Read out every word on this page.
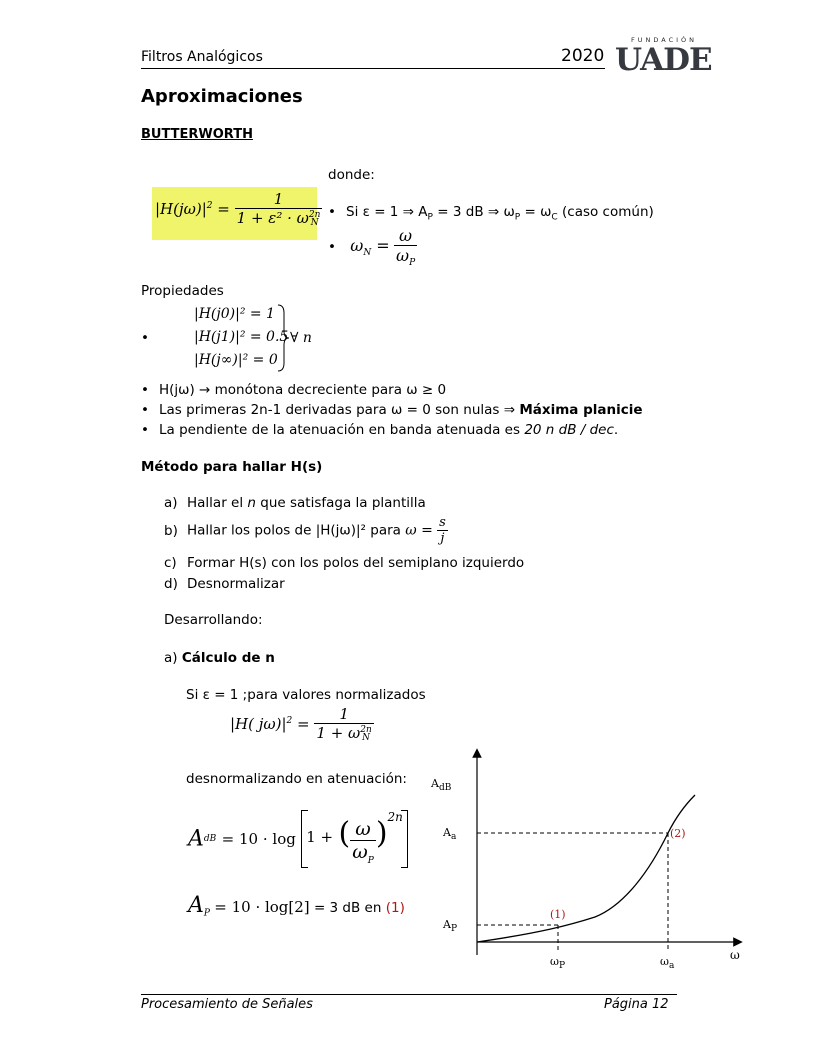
Filtros Analógicos	2020
FUNDACIÓN
UADE
Aproximaciones
BUTTERWORTH
$|H(j\omega)|^2 = 1$
1 + ε² · ω 2n
N
donde:
• Si ε = 1 ⇒ $A_P = 3$ dB ⇒ $\omega_P = \omega_C$ (caso común)
• $\omega_N = \frac{\omega}{\omega_P}$
Propiedades
•
|H(j0)|² = 1
|H(j1)|² = 0.5
|H(j∞)|² = 0
∀ n
• H(jω) → monótona decreciente para ω ≥ 0
• Las primeras 2n-1 derivadas para ω = 0 son nulas ⇒ Máxima planicie
• La pendiente de la atenuación en banda atenuada es 20 n dB / dec.
Método para hallar H(s)
a) Hallar el n que satisfaga la plantilla
b) Hallar los polos de |H(jω)|² para $\omega = \frac{s}{j}$
c) Formar H(s) con los polos del semiplano izquierdo
d) Desnormalizar
Desarrollando:
a) Cálculo de n
Si ε = 1 ;para valores normalizados
|H( $j\omega)|^2 = 1$
1 + ω 2n
N
desnormalizando en atenuación:
AdB = 10 · log 1 + ( $\frac{\omega}{\omega_P} )^{2n}$
$A_P = 10 \cdot \log[2] = 3$ dB en (1)
$A_{dB}$
$A_a$
$A_P$
(1)
(2)
$\omega_P$	$\omega_a$
ω
Procesamiento de Señales	Página 12
